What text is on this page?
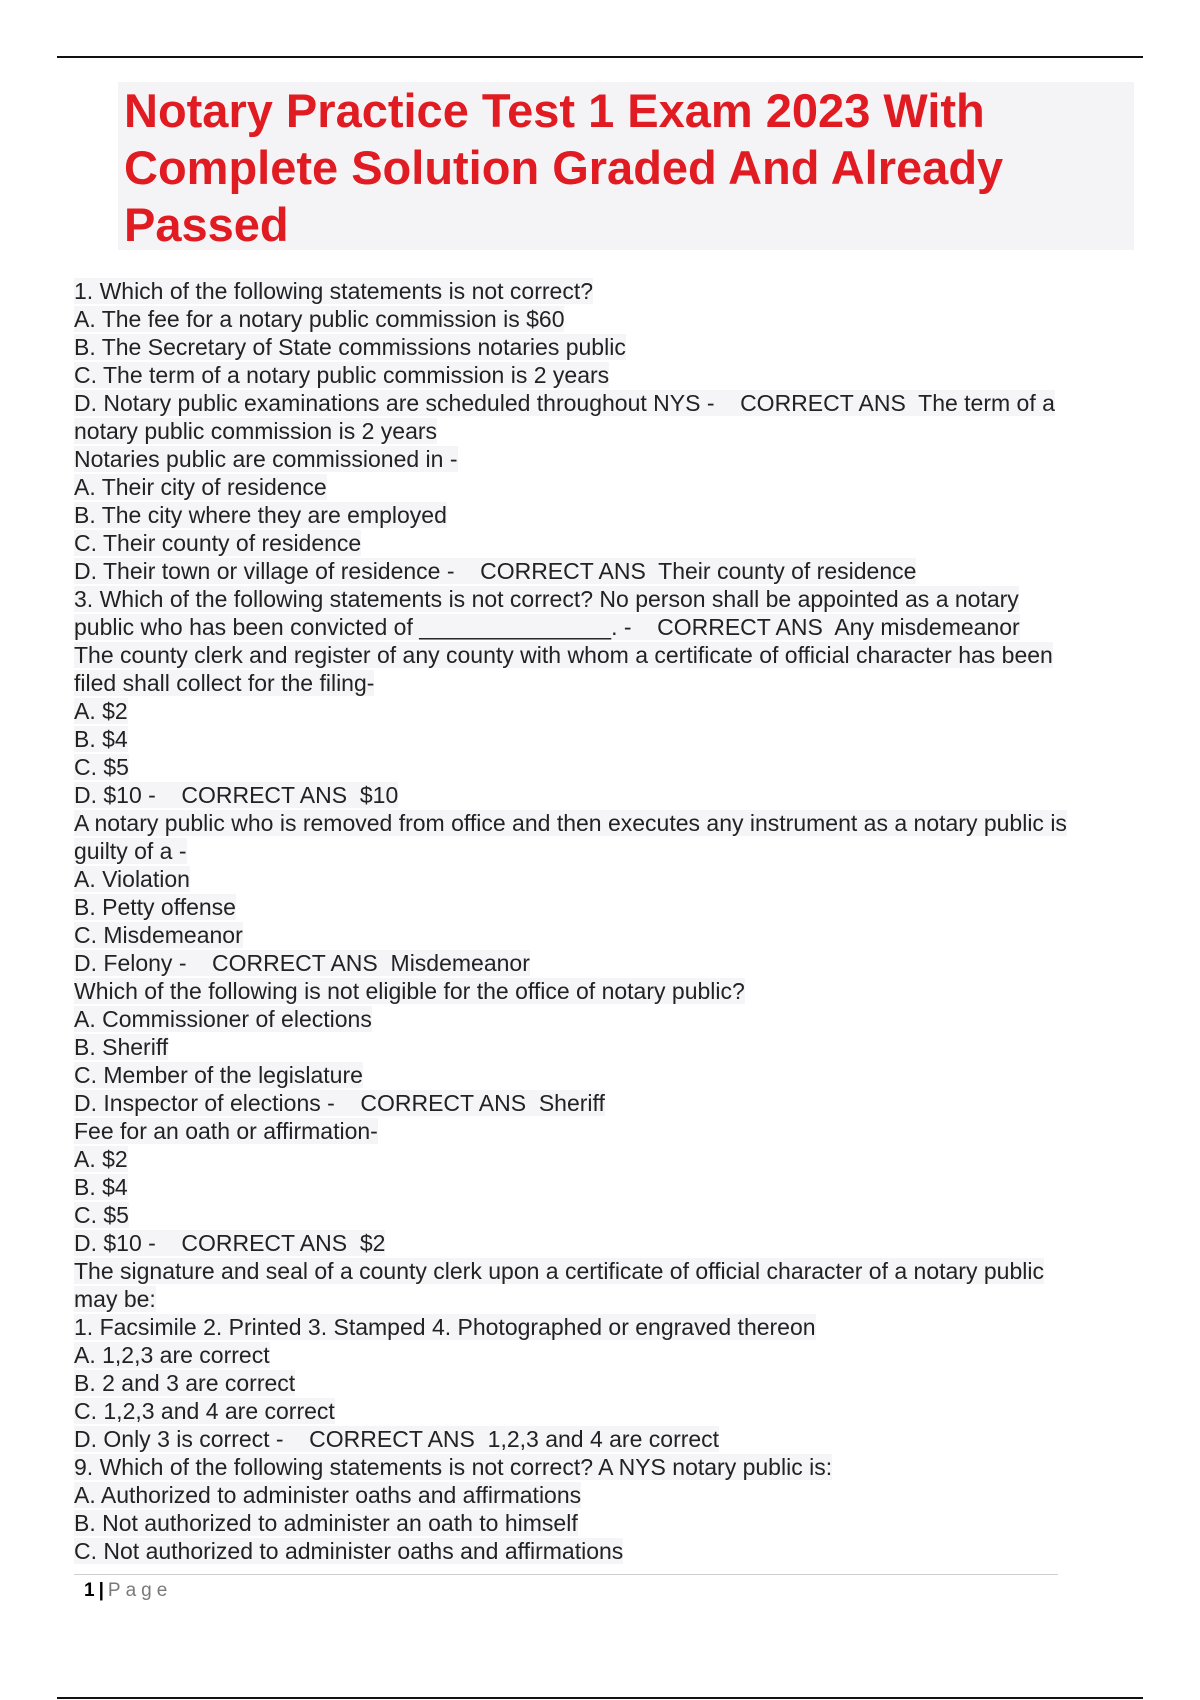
Notary Practice Test 1 Exam 2023 With Complete Solution Graded And Already Passed
1. Which of the following statements is not correct?
A. The fee for a notary public commission is $60
B. The Secretary of State commissions notaries public
C. The term of a notary public commission is 2 years
D. Notary public examinations are scheduled throughout NYS -    CORRECT ANS  The term of a
notary public commission is 2 years
Notaries public are commissioned in -
A. Their city of residence
B. The city where they are employed
C. Their county of residence
D. Their town or village of residence -    CORRECT ANS  Their county of residence
3. Which of the following statements is not correct? No person shall be appointed as a notary
public who has been convicted of _______________. -    CORRECT ANS  Any misdemeanor
The county clerk and register of any county with whom a certificate of official character has been
filed shall collect for the filing-
A. $2
B. $4
C. $5
D. $10 -    CORRECT ANS  $10
A notary public who is removed from office and then executes any instrument as a notary public is
guilty of a -
A. Violation
B. Petty offense
C. Misdemeanor
D. Felony -    CORRECT ANS  Misdemeanor
Which of the following is not eligible for the office of notary public?
A. Commissioner of elections
B. Sheriff
C. Member of the legislature
D. Inspector of elections -    CORRECT ANS  Sheriff
Fee for an oath or affirmation-
A. $2
B. $4
C. $5
D. $10 -    CORRECT ANS  $2
The signature and seal of a county clerk upon a certificate of official character of a notary public
may be:
1. Facsimile 2. Printed 3. Stamped 4. Photographed or engraved thereon
A. 1,2,3 are correct
B. 2 and 3 are correct
C. 1,2,3 and 4 are correct
D. Only 3 is correct -    CORRECT ANS  1,2,3 and 4 are correct
9. Which of the following statements is not correct? A NYS notary public is:
A. Authorized to administer oaths and affirmations
B. Not authorized to administer an oath to himself
C. Not authorized to administer oaths and affirmations
1 | Page
